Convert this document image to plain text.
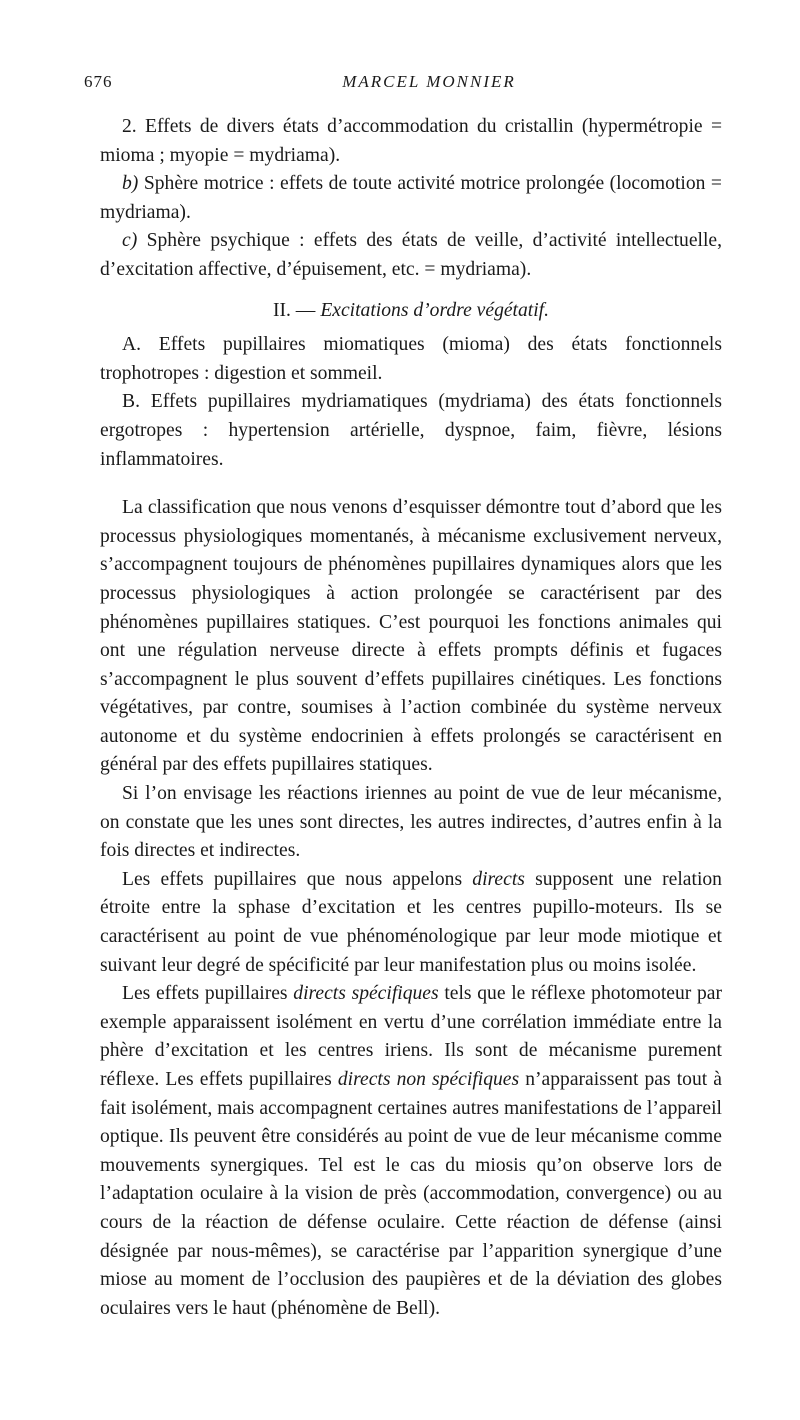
676	MARCEL MONNIER

2. Effets de divers états d’accommodation du cristallin (hypermétropie = mioma ; myopie = mydriama).

b) Sphère motrice : effets de toute activité motrice prolongée (locomotion = mydriama).

c) Sphère psychique : effets des états de veille, d’activité intellectuelle, d’excitation affective, d’épuisement, etc. = mydriama).

II. — Excitations d’ordre végétatif.

A. Effets pupillaires miomatiques (mioma) des états fonctionnels trophotropes : digestion et sommeil.

B. Effets pupillaires mydriamatiques (mydriama) des états fonctionnels ergotropes : hypertension artérielle, dyspnoe, faim, fièvre, lésions inflammatoires.

La classification que nous venons d’esquisser démontre tout d’abord que les processus physiologiques momentanés, à mécanisme exclusivement nerveux, s’accompagnent toujours de phénomènes pupillaires dynamiques alors que les processus physiologiques à action prolongée se caractérisent par des phénomènes pupillaires statiques. C’est pourquoi les fonctions animales qui ont une régulation nerveuse directe à effets prompts définis et fugaces s’accompagnent le plus souvent d’effets pupillaires cinétiques. Les fonctions végétatives, par contre, soumises à l’action combinée du système nerveux autonome et du système endocrinien à effets prolongés se caractérisent en général par des effets pupillaires statiques.

Si l’on envisage les réactions iriennes au point de vue de leur mécanisme, on constate que les unes sont directes, les autres indirectes, d’autres enfin à la fois directes et indirectes.

Les effets pupillaires que nous appelons directs supposent une relation étroite entre la sphase d’excitation et les centres pupillo-moteurs. Ils se caractérisent au point de vue phénoménologique par leur mode miotique et suivant leur degré de spécificité par leur manifestation plus ou moins isolée.

Les effets pupillaires directs spécifiques tels que le réflexe photomoteur par exemple apparaissent isolément en vertu d’une corrélation immédiate entre la phère d’excitation et les centres iriens. Ils sont de mécanisme purement réflexe. Les effets pupillaires directs non spécifiques n’apparaissent pas tout à fait isolément, mais accompagnent certaines autres manifestations de l’appareil optique. Ils peuvent être considérés au point de vue de leur mécanisme comme mouvements synergiques. Tel est le cas du miosis qu’on observe lors de l’adaptation oculaire à la vision de près (accommodation, convergence) ou au cours de la réaction de défense oculaire. Cette réaction de défense (ainsi désignée par nous-mêmes), se caractérise par l’apparition synergique d’une miose au moment de l’occlusion des paupières et de la déviation des globes oculaires vers le haut (phénomène de Bell).
